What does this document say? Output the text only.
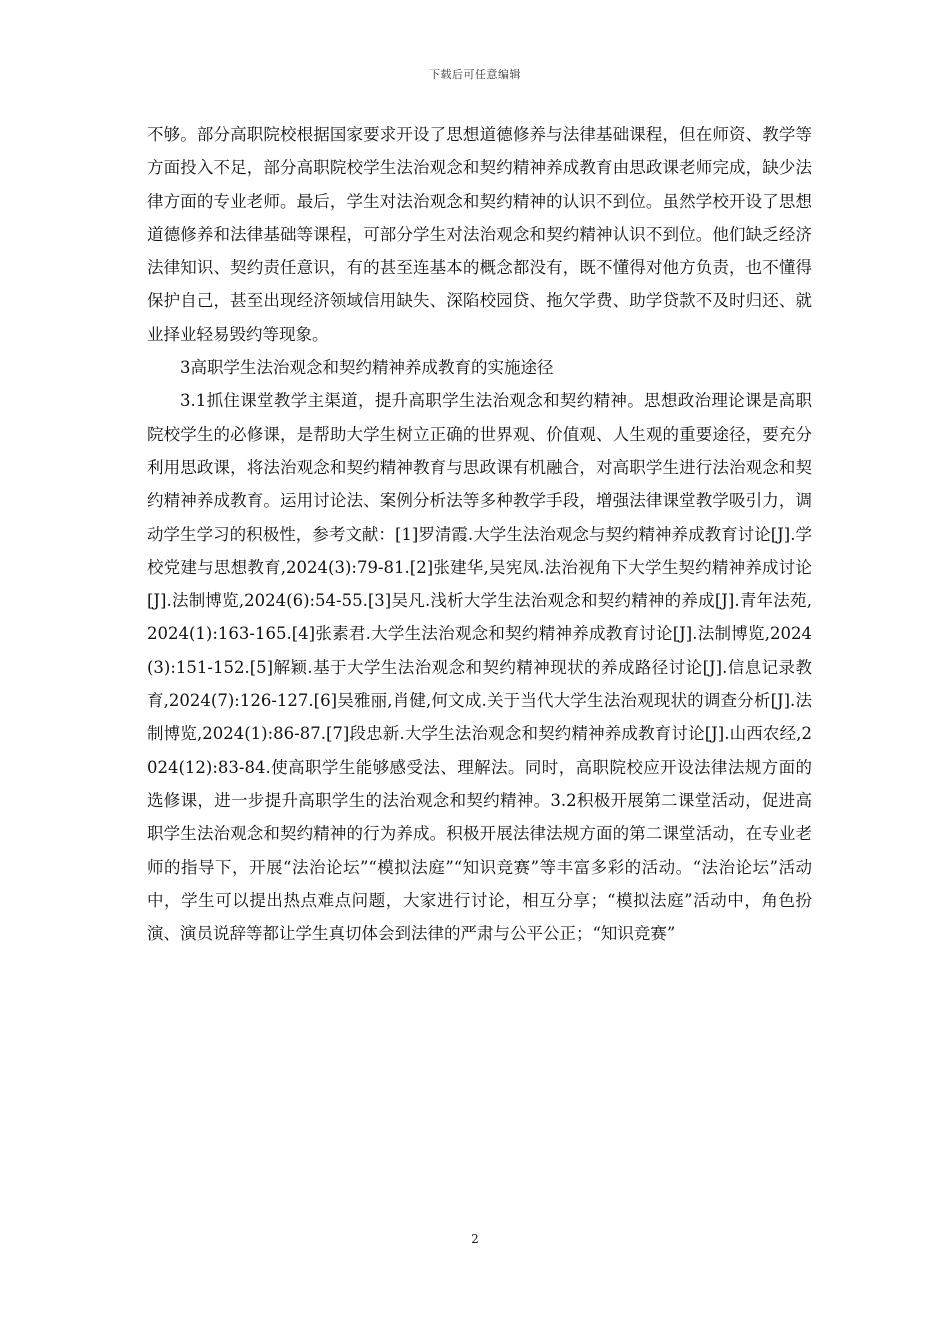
下载后可任意编辑

不够。部分高职院校根据国家要求开设了思想道德修养与法律基础课程，但在师资、教学等方面投入不足，部分高职院校学生法治观念和契约精神养成教育由思政课老师完成，缺少法律方面的专业老师。最后，学生对法治观念和契约精神的认识不到位。虽然学校开设了思想道德修养和法律基础等课程，可部分学生对法治观念和契约精神认识不到位。他们缺乏经济法律知识、契约责任意识，有的甚至连基本的概念都没有，既不懂得对他方负责，也不懂得保护自己，甚至出现经济领域信用缺失、深陷校园贷、拖欠学费、助学贷款不及时归还、就业择业轻易毁约等现象。

3高职学生法治观念和契约精神养成教育的实施途径

3.1抓住课堂教学主渠道，提升高职学生法治观念和契约精神。思想政治理论课是高职院校学生的必修课，是帮助大学生树立正确的世界观、价值观、人生观的重要途径，要充分利用思政课，将法治观念和契约精神教育与思政课有机融合，对高职学生进行法治观念和契约精神养成教育。运用讨论法、案例分析法等多种教学手段，增强法律课堂教学吸引力，调动学生学习的积极性，参考文献：[1]罗清霞.大学生法治观念与契约精神养成教育讨论[J].学校党建与思想教育,2024(3):79-81.[2]张建华,吴宪凤.法治视角下大学生契约精神养成讨论[J].法制博览,2024(6):54-55.[3]吴凡.浅析大学生法治观念和契约精神的养成[J].青年法苑,2024(1):163-165.[4]张素君.大学生法治观念和契约精神养成教育讨论[J].法制博览,2024(3):151-152.[5]解颖.基于大学生法治观念和契约精神现状的养成路径讨论[J].信息记录教育,2024(7):126-127.[6]吴雅丽,肖健,何文成.关于当代大学生法治观现状的调查分析[J].法制博览,2024(1):86-87.[7]段忠新.大学生法治观念和契约精神养成教育讨论[J].山西农经,2024(12):83-84.使高职学生能够感受法、理解法。同时，高职院校应开设法律法规方面的选修课，进一步提升高职学生的法治观念和契约精神。3.2积极开展第二课堂活动，促进高职学生法治观念和契约精神的行为养成。积极开展法律法规方面的第二课堂活动，在专业老师的指导下，开展“法治论坛”“模拟法庭”“知识竞赛”等丰富多彩的活动。“法治论坛”活动中，学生可以提出热点难点问题，大家进行讨论，相互分享；“模拟法庭”活动中，角色扮演、演员说辞等都让学生真切体会到法律的严肃与公平公正；“知识竞赛”

2
